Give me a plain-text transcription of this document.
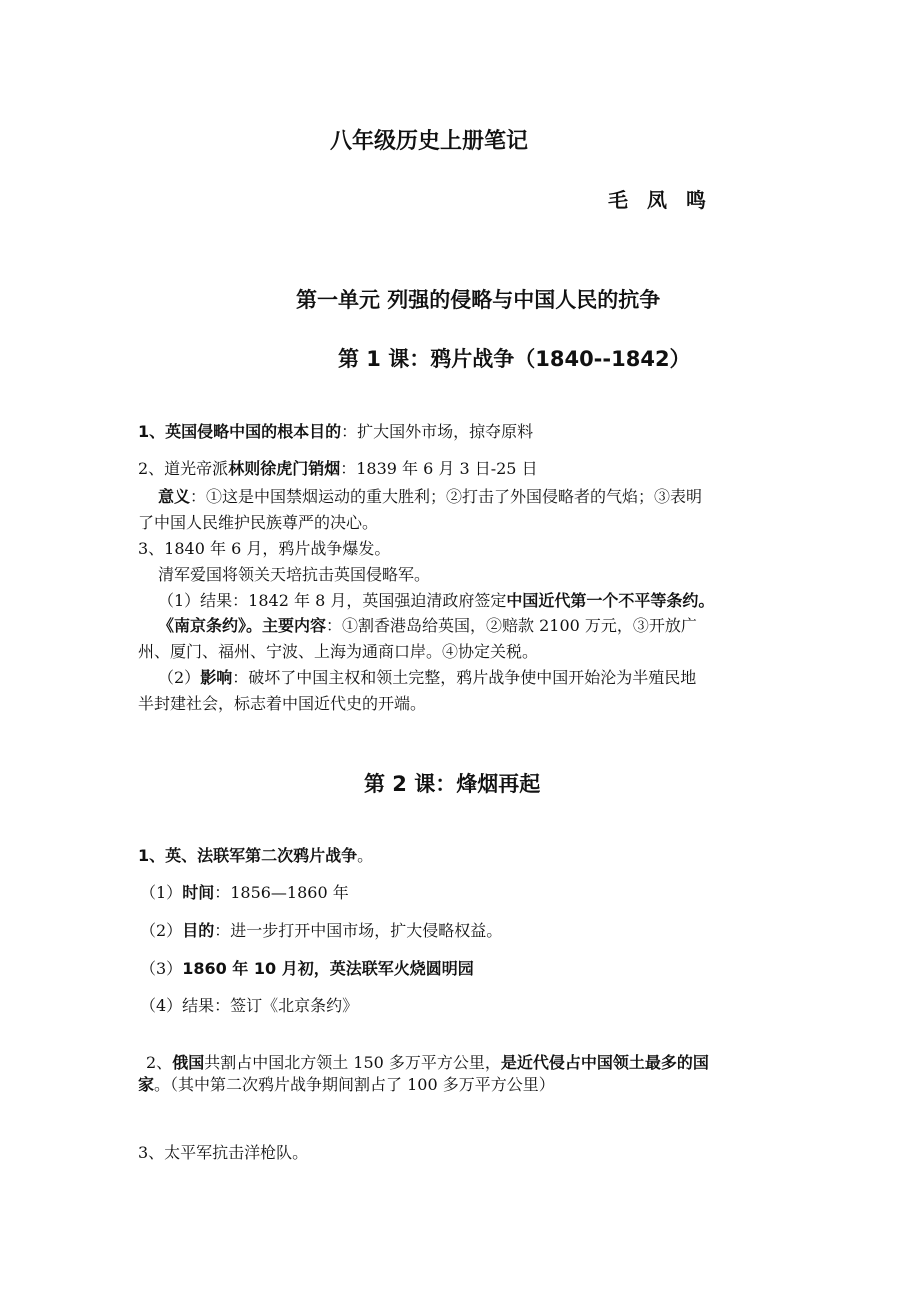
八年级历史上册笔记
毛 凤 鸣
第一单元 列强的侵略与中国人民的抗争
第 1 课：鸦片战争（1840--1842）
1、英国侵略中国的根本目的：扩大国外市场，掠夺原料
2、道光帝派林则徐虎门销烟：1839 年 6 月 3 日-25 日
意义：①这是中国禁烟运动的重大胜利；②打击了外国侵略者的气焰；③表明
了中国人民维护民族尊严的决心。
3、1840 年 6 月，鸦片战争爆发。
清军爱国将领关天培抗击英国侵略军。
（1）结果：1842 年 8 月，英国强迫清政府签定中国近代第一个不平等条约。
《南京条约》。主要内容：①割香港岛给英国，②赔款 2100 万元，③开放广
州、厦门、福州、宁波、上海为通商口岸。④协定关税。
（2）影响：破坏了中国主权和领土完整，鸦片战争使中国开始沦为半殖民地
半封建社会，标志着中国近代史的开端。
第 2 课：烽烟再起
1、英、法联军第二次鸦片战争。
（1）时间：1856—1860 年
（2）目的：进一步打开中国市场，扩大侵略权益。
（3）1860 年 10 月初，英法联军火烧圆明园
（4）结果：签订《北京条约》
2、俄国共割占中国北方领土 150 多万平方公里，是近代侵占中国领土最多的国
家。（其中第二次鸦片战争期间割占了 100 多万平方公里）
3、太平军抗击洋枪队。
